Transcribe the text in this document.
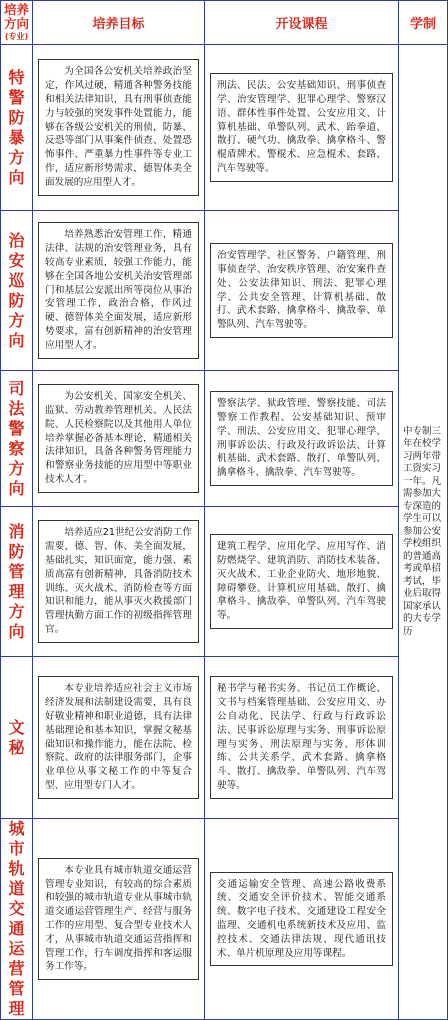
培养方向
(专业)	培养目标	开设课程	学制

特警防暴方向	为全国各公安机关培养政治坚定，作风过硬，精通各种警务技能和相关法律知识，具有刑事侦查能力与较强的突发事件处置能力，能够在各级公安机关的刑侦，防暴、反恐等部门从事案件侦查、处置恐怖事件、严重暴力性事件等专业工作，适应新形势需求，德智体美全面发展的应用型人才。	刑法、民法、公安基础知识、刑事侦查学、治安管理学、犯罪心理学、警察汉语、群体性事件处置、公安应用文、计算机基础、单警队列、武术、跆拳道、散打、硬气功、擒敌拳、擒拿格斗、警棍盾牌术、警棍术、应急棍术、套路、汽车驾驶等。	中专制三年在校学习两年带工资实习一年。凡需参加大专深造的学生可以参加公安学校组织的普通高考或单招考试，毕业后取得国家承认的大专学历

治安巡防方向	培养熟悉治安管理工作，精通法律、法规的治安管理业务，具有较高专业素质，较强工作能力，能够在全国各地公安机关治安管理部门和基层公安派出所等岗位从事治安管理工作，政治合格，作风过硬、德智体美全面发展，适应新形势要求，富有创新精神的治安管理应用型人才。	治安管理学、社区警务、户籍管理、刑事侦查学、治安秩序管理、治安案件查处、公安法律知识、刑法、犯罪心理学、公共安全管理、计算机基础、散打、武术套路、擒拿格斗、擒敌拳、单警队列、汽车驾驶等。	

司法警察方向	为公安机关、国家安全机关、监狱、劳动教养管理机关、人民法院、人民检察院以及其他用人单位培养掌握必备基本理论，精通相关法律知识，具备各种警务管理能力和警察业务技能的应用型中等职业技术人才。	警察法学、狱政管理、警察技能、司法警察工作教程、公安基础知识、预审学、刑法、公安应用文、犯罪心理学、刑事诉讼法、行政及行政诉讼法、计算机基础、武术套路、散打、单警队列、擒拿格斗、擒敌拳、汽车驾驶等。	

消防管理方向	培养适应21世纪公安消防工作需要，德、智、体、美全面发展，基础扎实，知识面宽，能力强、素质高富有创新精神，具备消防技术训练、灭火战术、消防检查等方面知识和能力，能从事灭火救援部门管理执勤方面工作的初级指挥管理官。	建筑工程学、应用化学、应用写作、消防燃烧学、建筑消防、消防技术装备、灭火战术、工业企业防火、地形地貌、障碍攀登、计算机应用基础、散打、擒拿格斗、擒敌拳、单警队列、汽车驾驶等。	

文秘	本专业培养适应社会主义市场经济发展和法制建设需要，具有良好敬业精神和职业道德，具有法律基础理论和基本知识，掌握文秘基础知识和操作能力，能在法院、检察院、政府的法律服务部门，企事业单位从事文秘工作的中等复合型、应用型专门人才。	秘书学与秘书实务、书记员工作概论、文书与档案管理基础、公安应用文、办公自动化、民法学、行政与行政诉讼法、民事诉讼原理与实务、刑事诉讼原理与实务、刑法原理与实务、形体训练、公共关系学、武术套路、擒拿格斗、散打、擒敌拳、单警队列、汽车驾驶等。	

城市轨道交通运营管理	本专业具有城市轨道交通运营管理专业知识，有较高的综合素质和较强的城市轨道专业从事城市轨道交通运营管理生产、经营与服务工作的应用型、复合型专业技术人才，从事城市轨道交通运营指挥和管理工作，行车调度指挥和客运服务工作等。	交通运输安全管理、高速公路收费系统、交通安全评价技术、智能交通系统、数字电子技术、交通建设工程安全监理、交通机电系统新技术及应用、监控技术、交通法律法规、现代通讯技术、单片机原理及应用等课程。	
